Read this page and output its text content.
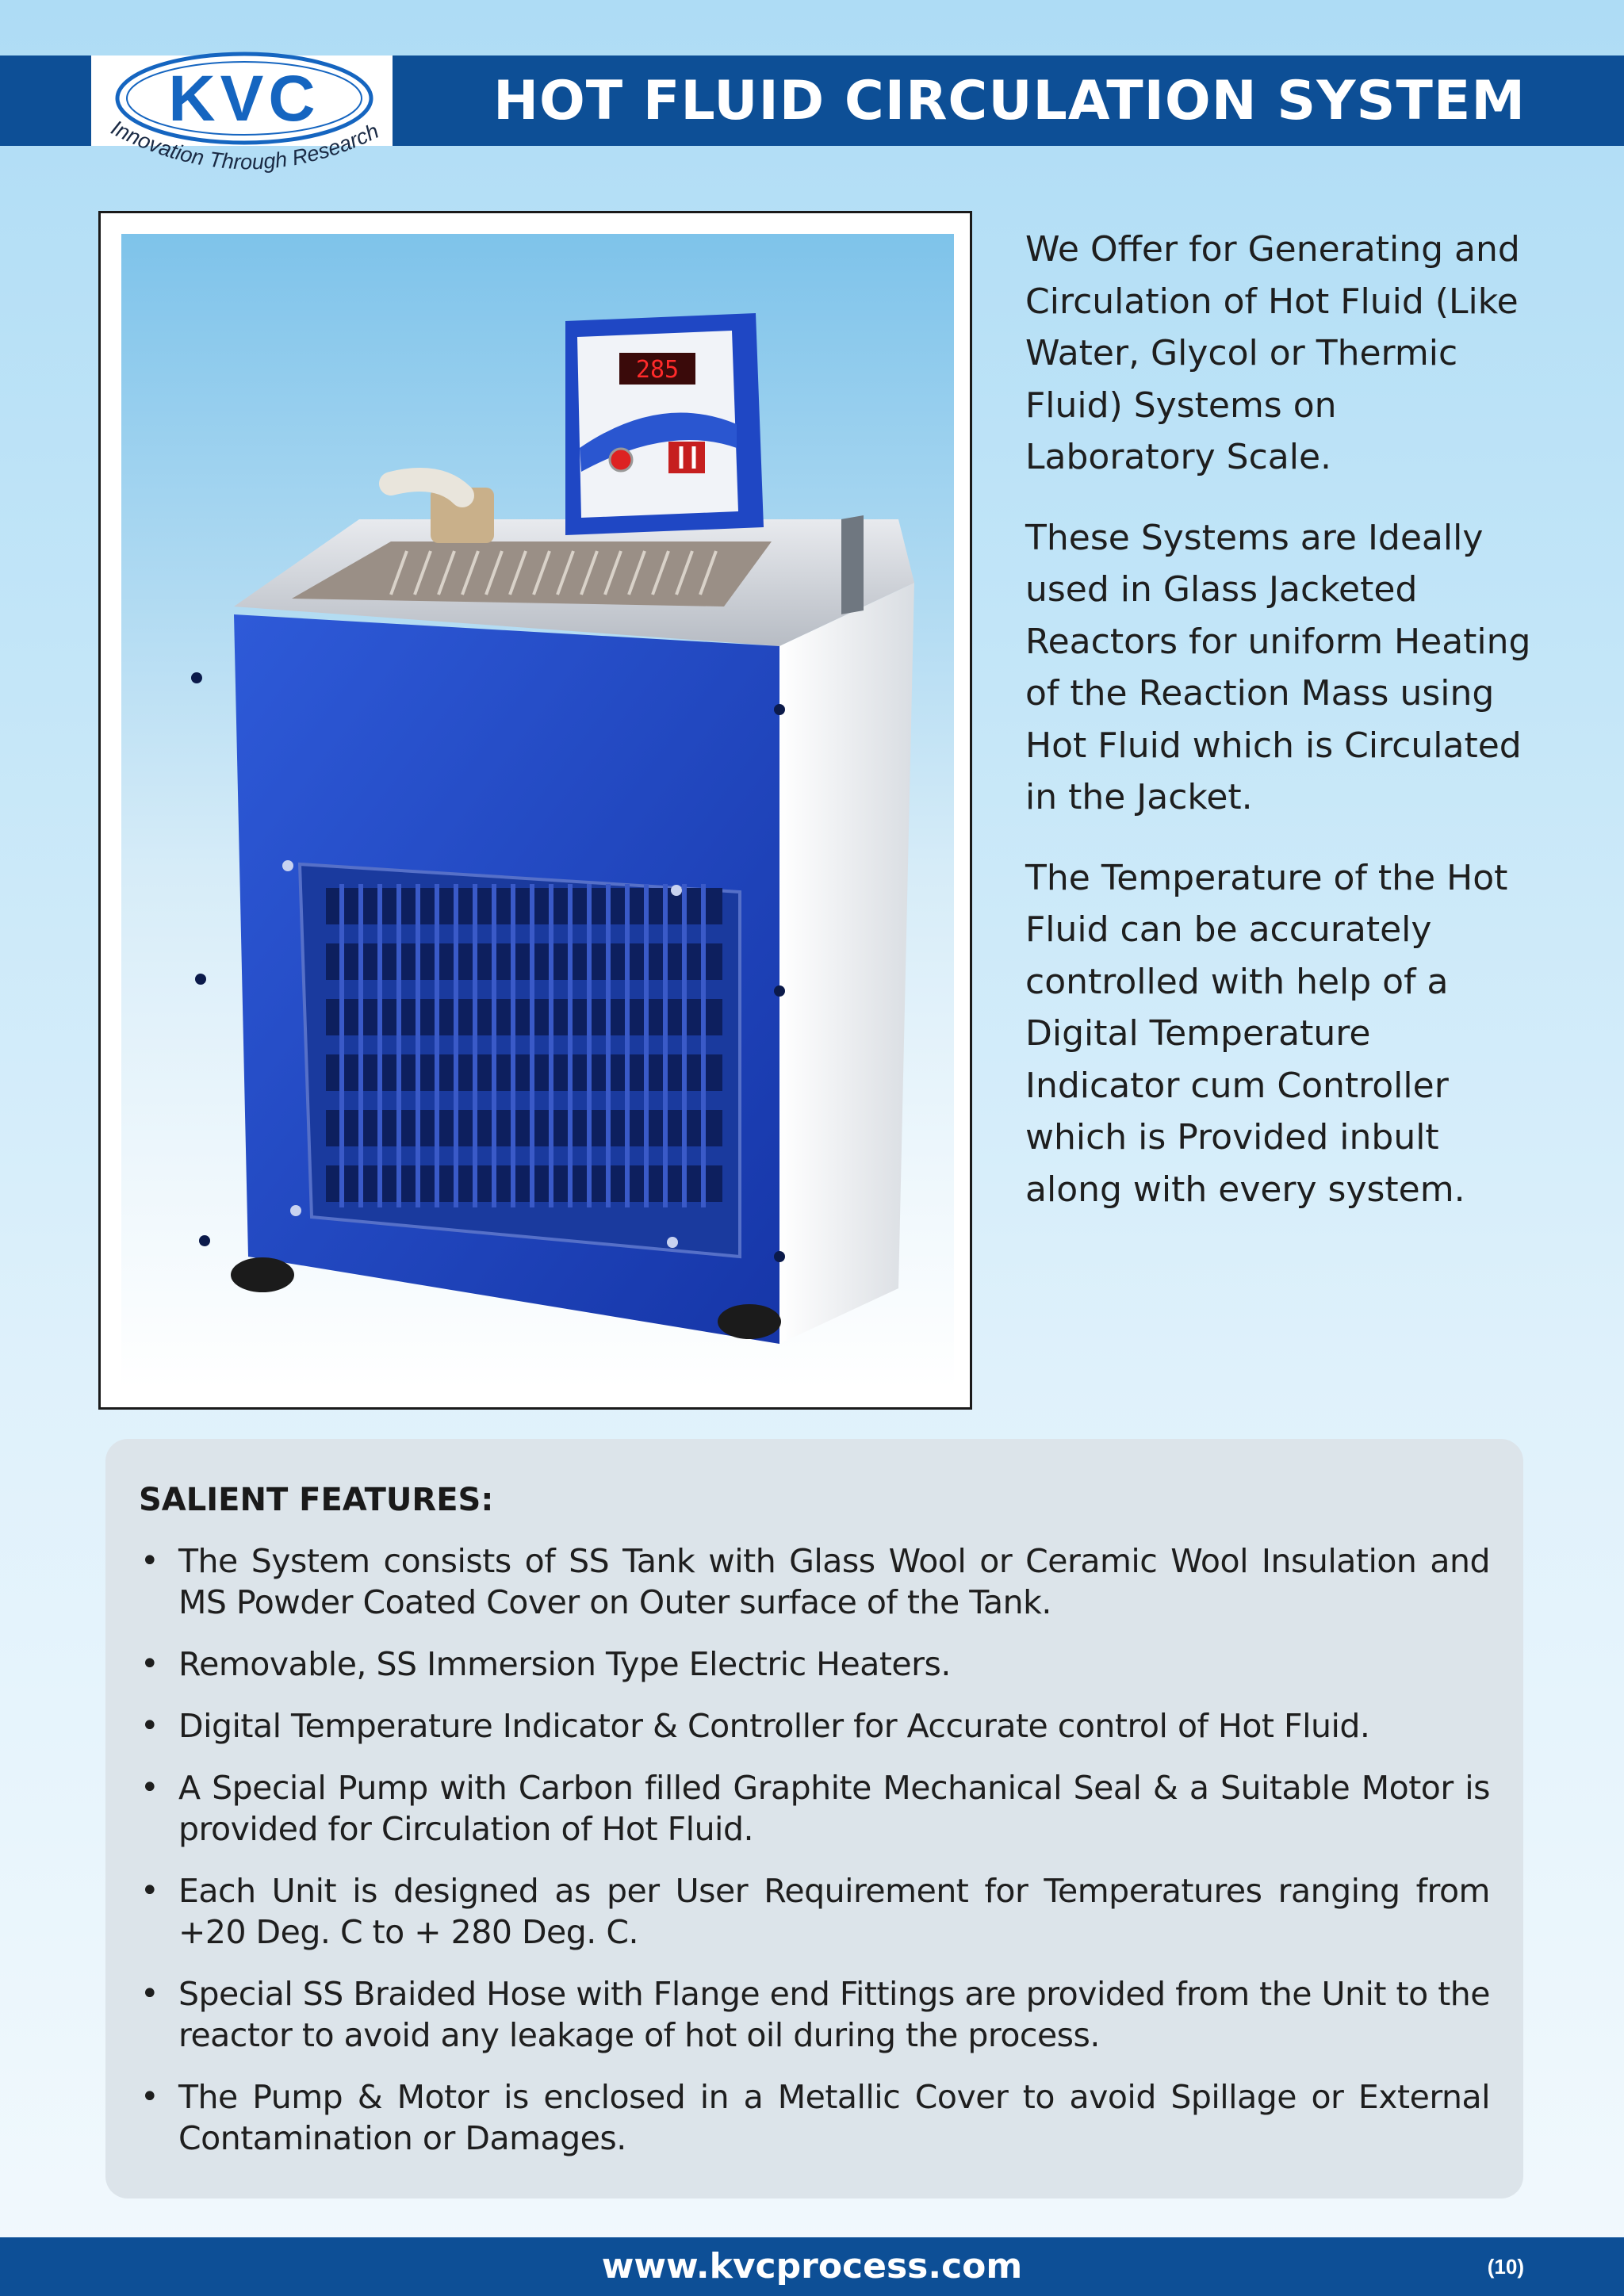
HOT FLUID CIRCULATION SYSTEM
KVC
Innovation Through Research
285

We Offer for Generating and Circulation of Hot Fluid (Like Water, Glycol or Thermic Fluid) Systems on Laboratory Scale.

These Systems are Ideally used in Glass Jacketed Reactors for uniform Heating of the Reaction Mass using Hot Fluid which is Circulated in the Jacket.

The Temperature of the Hot Fluid can be accurately controlled with help of a Digital Temperature Indicator cum Controller which is Provided inbult along with every system.

SALIENT FEATURES:
• The System consists of SS Tank with Glass Wool or Ceramic Wool Insulation and MS Powder Coated Cover on Outer surface of the Tank.
• Removable, SS Immersion Type Electric Heaters.
• Digital Temperature Indicator & Controller for Accurate control of Hot Fluid.
• A Special Pump with Carbon filled Graphite Mechanical Seal & a Suitable Motor is provided for Circulation of Hot Fluid.
• Each Unit is designed as per User Requirement for Temperatures ranging from +20 Deg. C to + 280 Deg. C.
• Special SS Braided Hose with Flange end Fittings are provided from the Unit to the reactor to avoid any leakage of hot oil during the process.
• The Pump & Motor is enclosed in a Metallic Cover to avoid Spillage or External Contamination or Damages.
www.kvcprocess.com	(10)
